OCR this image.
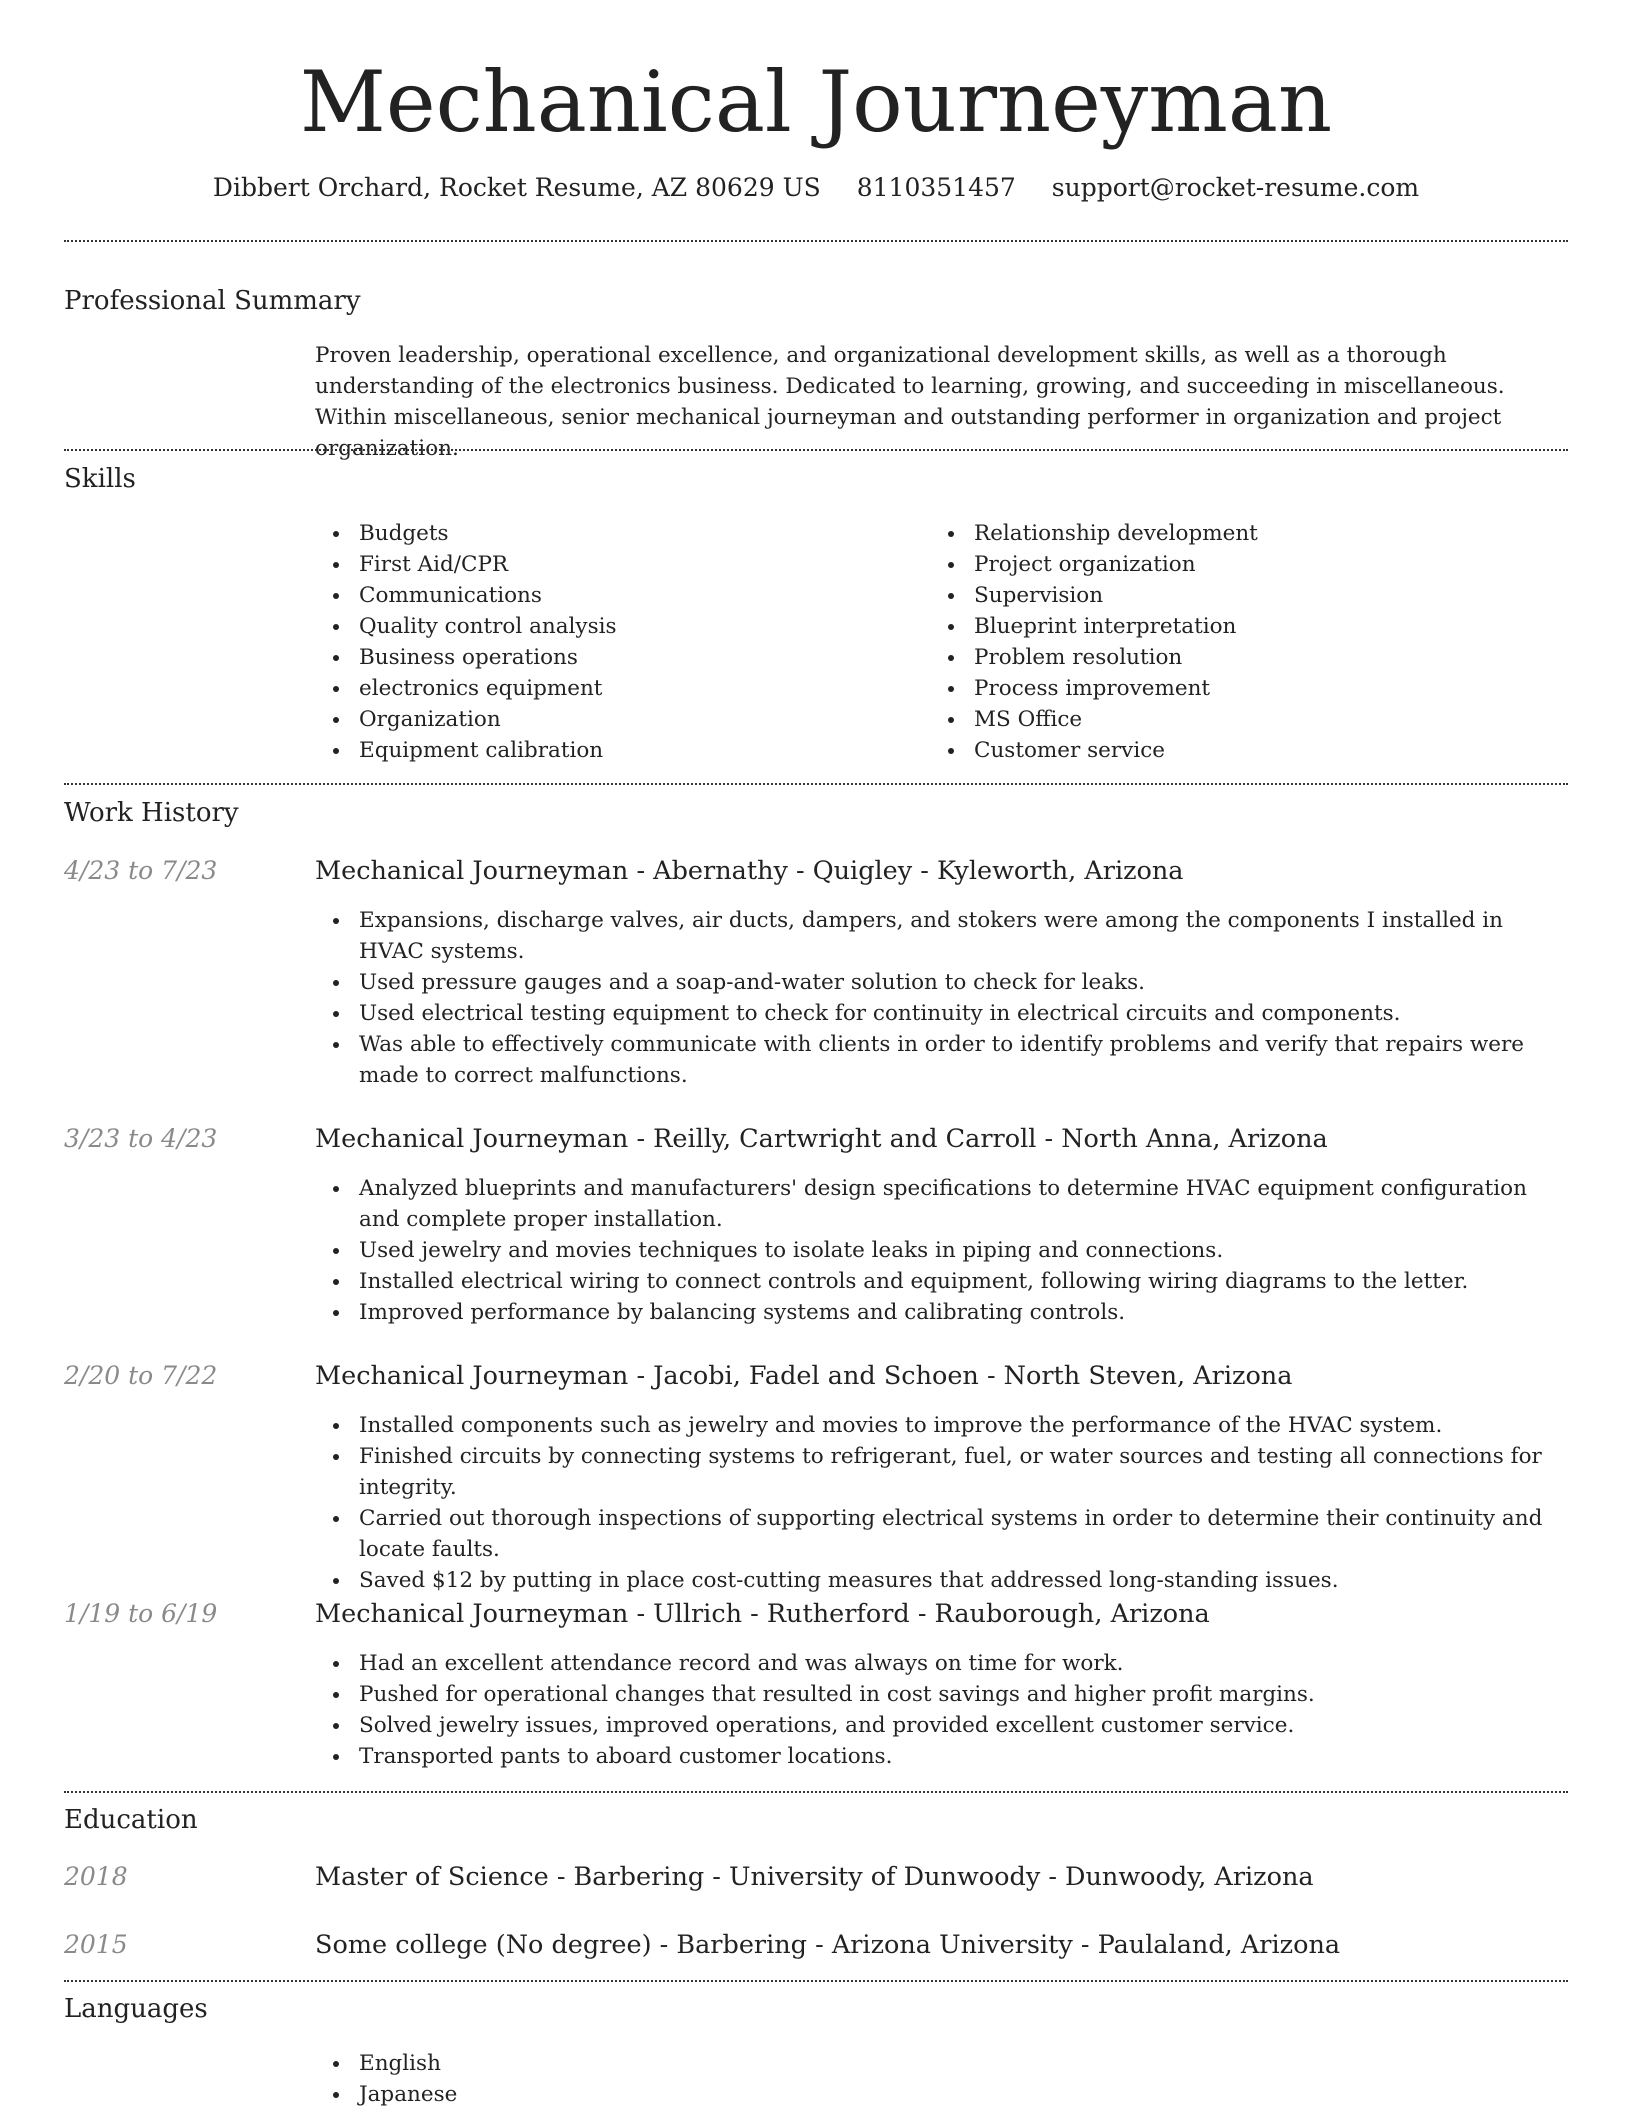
Mechanical Journeyman
Dibbert Orchard, Rocket Resume, AZ 80629 US 8110351457 support@rocket-resume.com
Professional Summary
Proven leadership, operational excellence, and organizational development skills, as well as a thorough understanding of the electronics business. Dedicated to learning, growing, and succeeding in miscellaneous. Within miscellaneous, senior mechanical journeyman and outstanding performer in organization and project organization.
Skills
Budgets
First Aid/CPR
Communications
Quality control analysis
Business operations
electronics equipment
Organization
Equipment calibration
Relationship development
Project organization
Supervision
Blueprint interpretation
Problem resolution
Process improvement
MS Office
Customer service
Work History
4/23 to 7/23	Mechanical Journeyman - Abernathy - Quigley - Kyleworth, Arizona
Expansions, discharge valves, air ducts, dampers, and stokers were among the components I installed in HVAC systems.
Used pressure gauges and a soap-and-water solution to check for leaks.
Used electrical testing equipment to check for continuity in electrical circuits and components.
Was able to effectively communicate with clients in order to identify problems and verify that repairs were made to correct malfunctions.
3/23 to 4/23	Mechanical Journeyman - Reilly, Cartwright and Carroll - North Anna, Arizona
Analyzed blueprints and manufacturers' design specifications to determine HVAC equipment configuration and complete proper installation.
Used jewelry and movies techniques to isolate leaks in piping and connections.
Installed electrical wiring to connect controls and equipment, following wiring diagrams to the letter.
Improved performance by balancing systems and calibrating controls.
2/20 to 7/22	Mechanical Journeyman - Jacobi, Fadel and Schoen - North Steven, Arizona
Installed components such as jewelry and movies to improve the performance of the HVAC system.
Finished circuits by connecting systems to refrigerant, fuel, or water sources and testing all connections for integrity.
Carried out thorough inspections of supporting electrical systems in order to determine their continuity and locate faults.
Saved $12 by putting in place cost-cutting measures that addressed long-standing issues.
1/19 to 6/19	Mechanical Journeyman - Ullrich - Rutherford - Rauborough, Arizona
Had an excellent attendance record and was always on time for work.
Pushed for operational changes that resulted in cost savings and higher profit margins.
Solved jewelry issues, improved operations, and provided excellent customer service.
Transported pants to aboard customer locations.
Education
2018	Master of Science - Barbering - University of Dunwoody - Dunwoody, Arizona
2015	Some college (No degree) - Barbering - Arizona University - Paulaland, Arizona
Languages
English
Japanese
